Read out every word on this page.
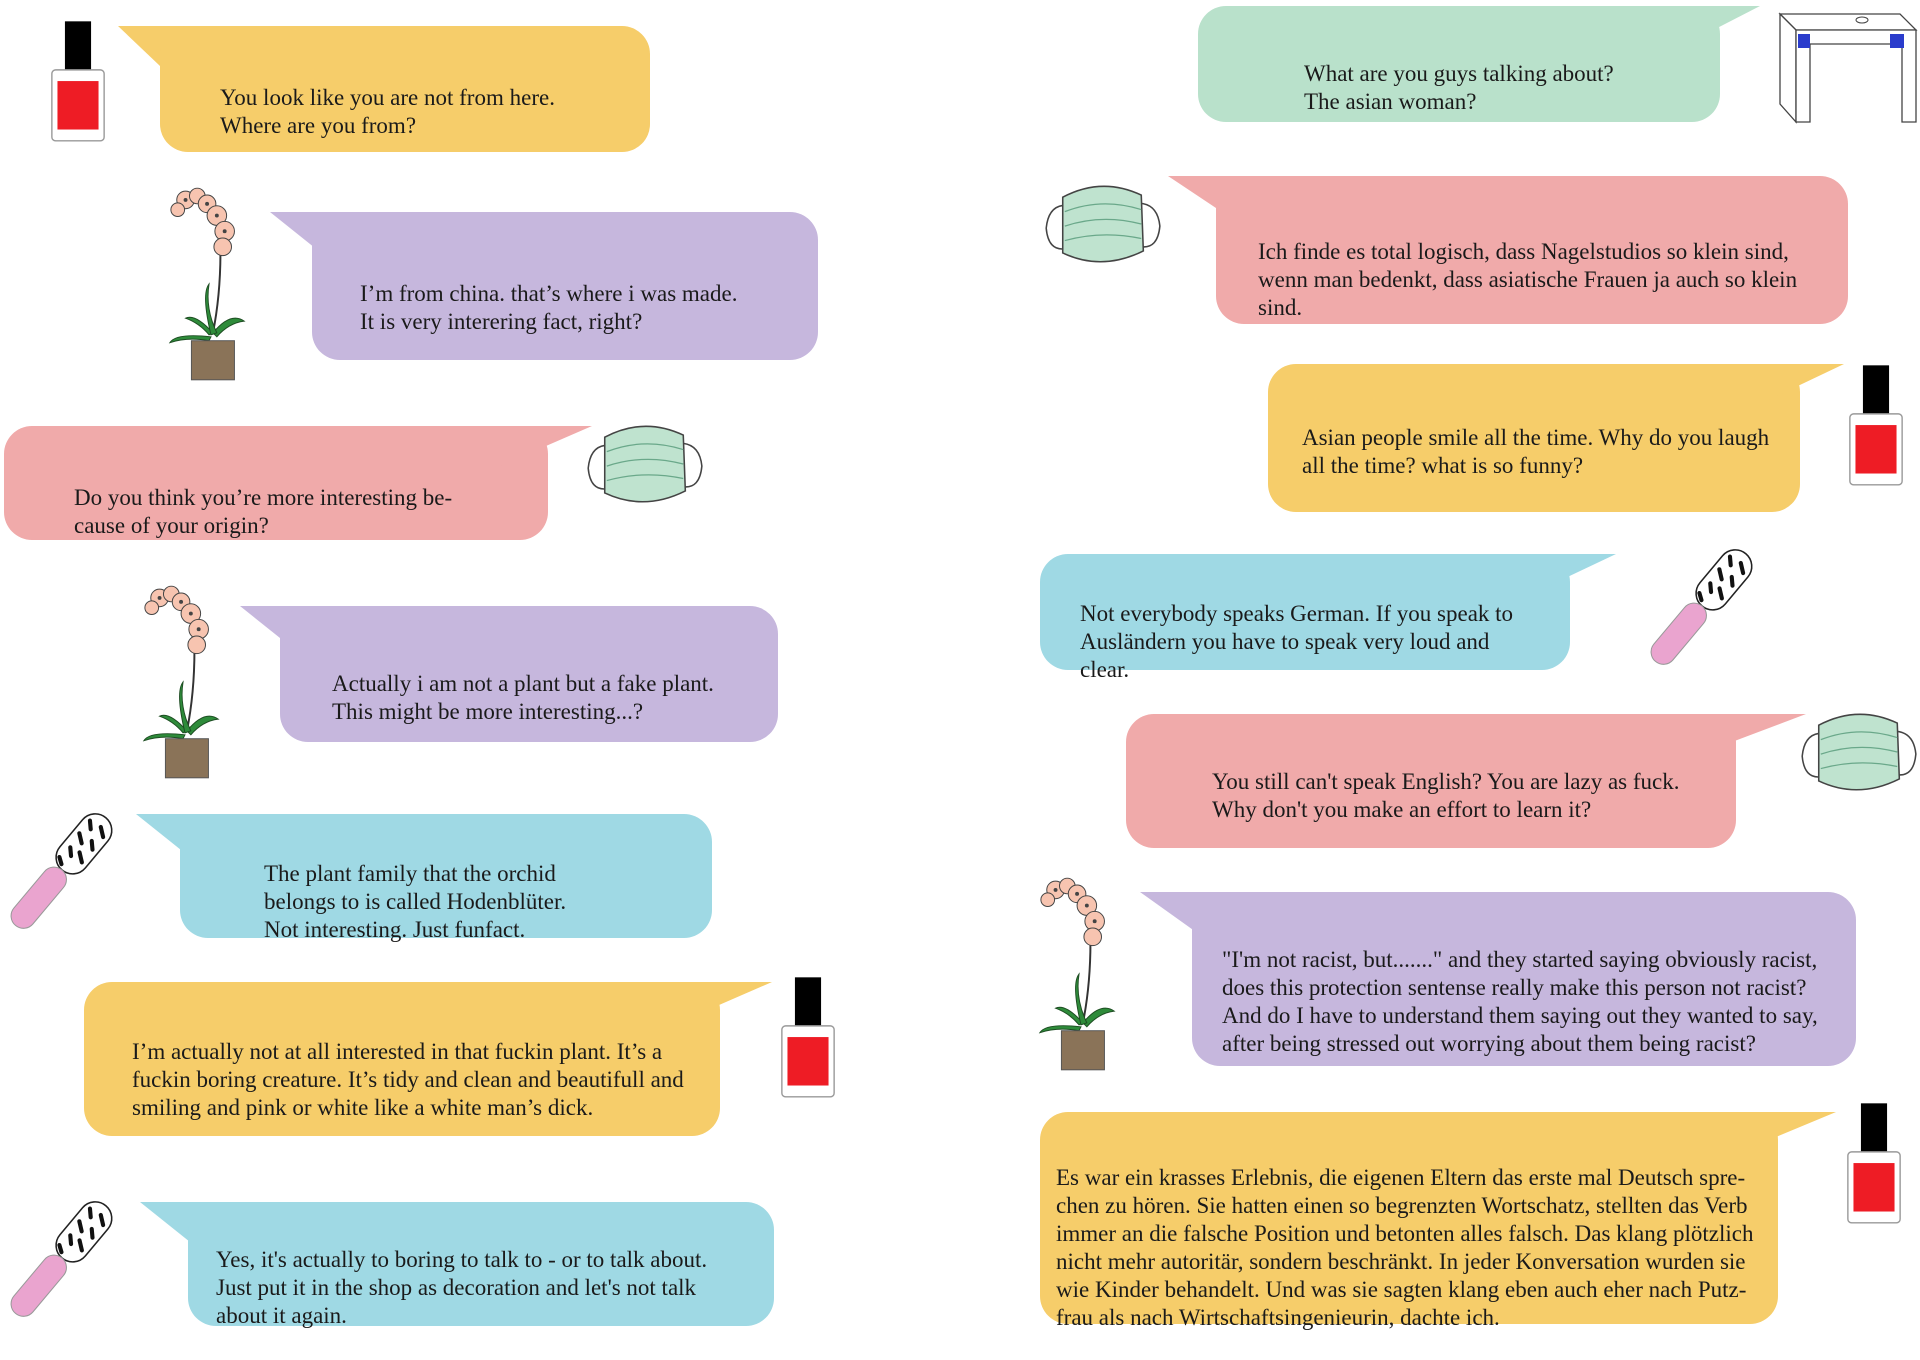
You look like you are not from here.
Where are you from?

I’m from china. that’s where i was made.
It is very interering fact, right?

Do you think you’re more interesting be-
cause of your origin?

Actually i am not a plant but a fake plant.
This might be more interesting...?

The plant family that the orchid
belongs to is called Hodenblüter.
Not interesting. Just funfact.

I’m actually not at all interested in that fuckin plant. It’s a
fuckin boring creature. It’s tidy and clean and beautifull and
smiling and pink or white like a white man’s dick.

Yes, it's actually to boring to talk to - or to talk about.
Just put it in the shop as decoration and let's not talk
about it again.

What are you guys talking about?
The asian woman?

Ich finde es total logisch, dass Nagelstudios so klein sind,
wenn man bedenkt, dass asiatische Frauen ja auch so klein
sind.

Asian people smile all the time. Why do you laugh
all the time? what is so funny?

Not everybody speaks German. If you speak to
Ausländern you have to speak very loud and
clear.

You still can't speak English? You are lazy as fuck.
Why don't you make an effort to learn it?

"I'm not racist, but......." and they started saying obviously racist,
does this protection sentense really make this person not racist?
And do I have to understand them saying out they wanted to say,
after being stressed out worrying about them being racist?

Es war ein krasses Erlebnis, die eigenen Eltern das erste mal Deutsch spre-
chen zu hören. Sie hatten einen so begrenzten Wortschatz, stellten das Verb
immer an die falsche Position und betonten alles falsch. Das klang plötzlich
nicht mehr autoritär, sondern beschränkt. In jeder Konversation wurden sie
wie Kinder behandelt. Und was sie sagten klang eben auch eher nach Putz-
frau als nach Wirtschaftsingenieurin, dachte ich.
